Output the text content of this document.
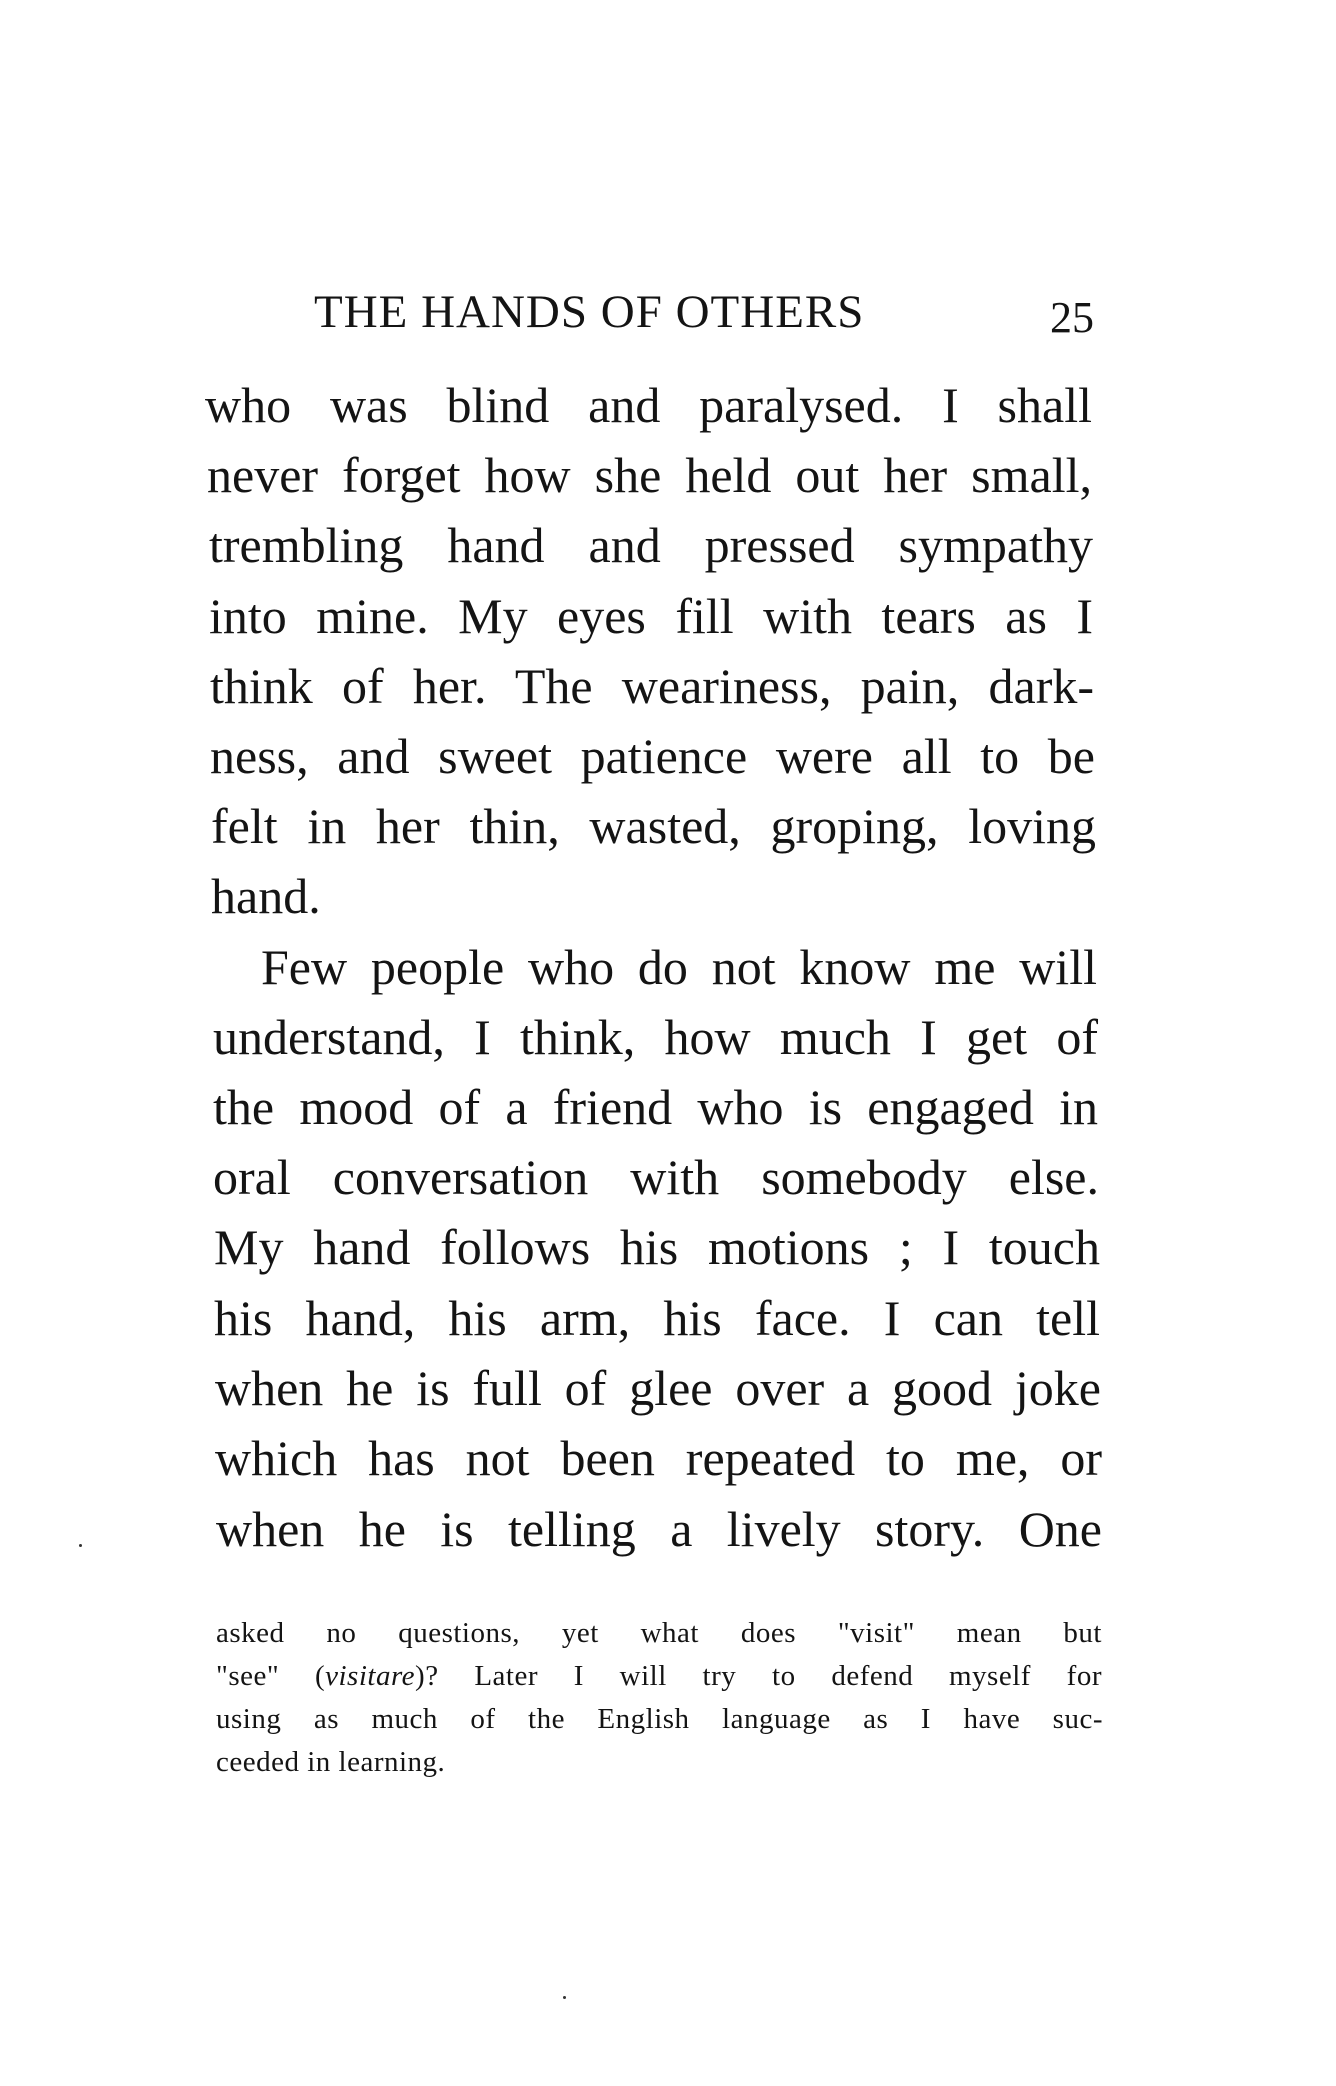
THE HANDS OF OTHERS	25
who was blind and paralysed. I shall
never forget how she held out her small,
trembling hand and pressed sympathy
into mine. My eyes fill with tears as I
think of her. The weariness, pain, dark-
ness, and sweet patience were all to be
felt in her thin, wasted, groping, loving
hand.
Few people who do not know me will
understand, I think, how much I get of
the mood of a friend who is engaged in
oral conversation with somebody else.
My hand follows his motions ; I touch
his hand, his arm, his face. I can tell
when he is full of glee over a good joke
which has not been repeated to me, or
when he is telling a lively story. One
asked no questions, yet what does "visit" mean but
"see" (visitare)? Later I will try to defend myself for
using as much of the English language as I have suc-
ceeded in learning.
